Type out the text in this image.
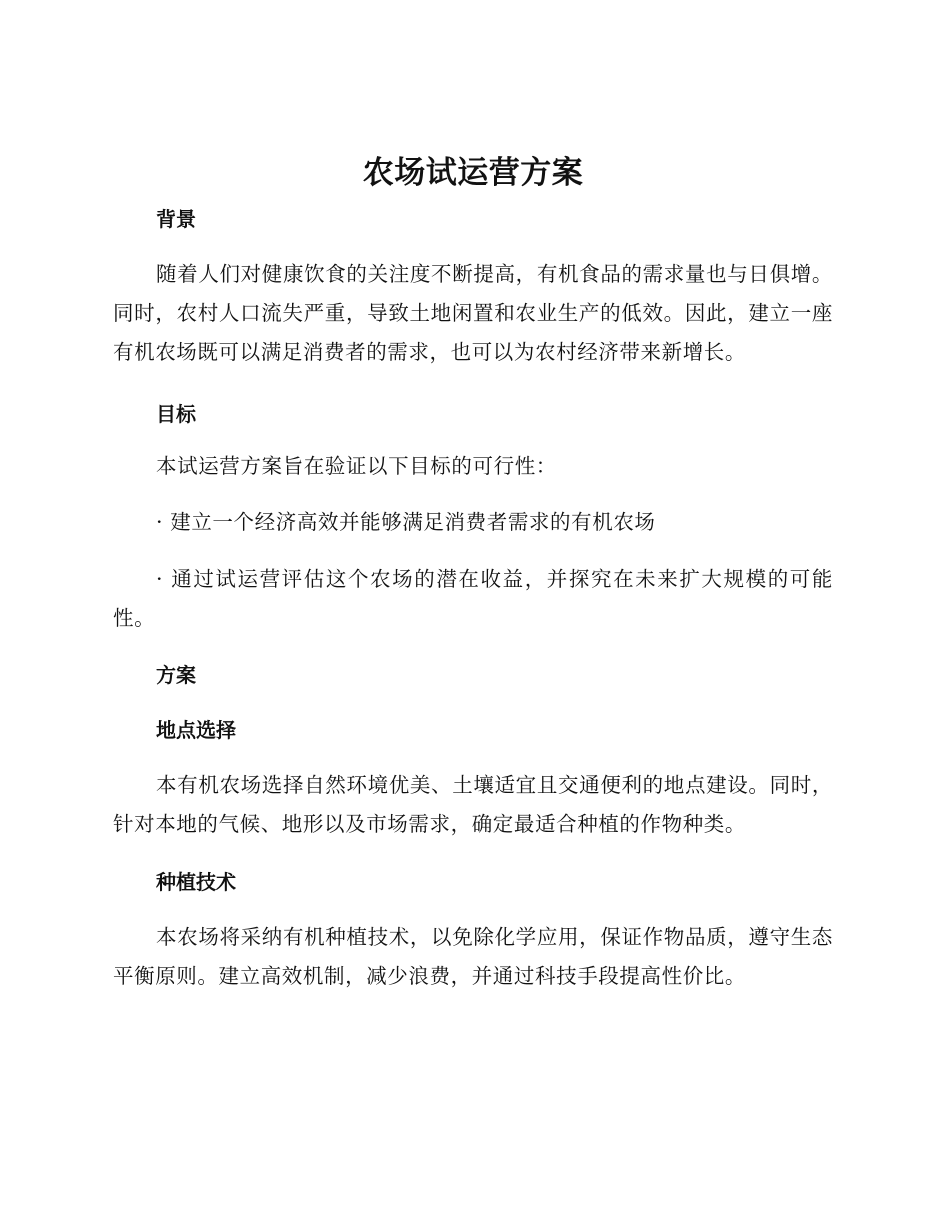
农场试运营方案
背景

随着人们对健康饮食的关注度不断提高，有机食品的需求量也与日俱增。同时，农村人口流失严重，导致土地闲置和农业生产的低效。因此，建立一座有机农场既可以满足消费者的需求，也可以为农村经济带来新增长。

目标

本试运营方案旨在验证以下目标的可行性：

· 建立一个经济高效并能够满足消费者需求的有机农场

· 通过试运营评估这个农场的潜在收益，并探究在未来扩大规模的可能性。

方案
地点选择

本有机农场选择自然环境优美、土壤适宜且交通便利的地点建设。同时，针对本地的气候、地形以及市场需求，确定最适合种植的作物种类。

种植技术

本农场将采纳有机种植技术，以免除化学应用，保证作物品质，遵守生态平衡原则。建立高效机制，减少浪费，并通过科技手段提高性价比。
